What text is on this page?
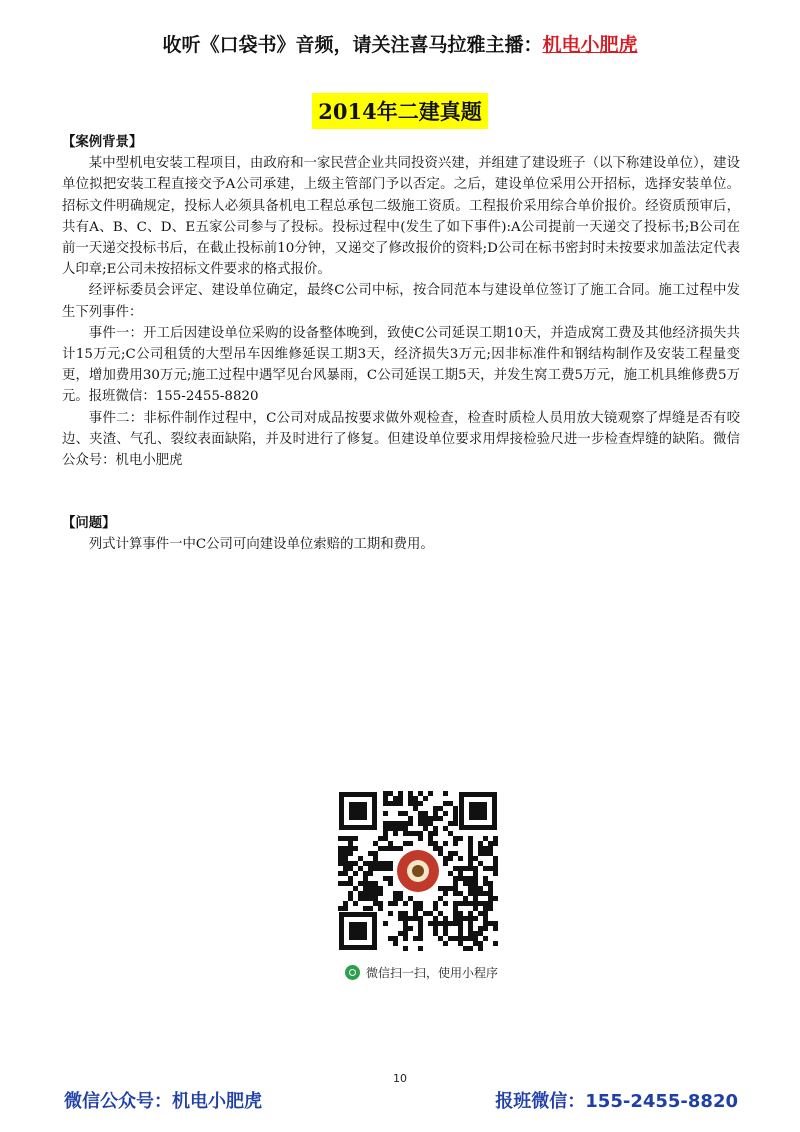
收听《口袋书》音频，请关注喜马拉雅主播：机电小肥虎
2014年二建真题

【案例背景】

某中型机电安装工程项目，由政府和一家民营企业共同投资兴建，并组建了建设班子（以下称建设单位），建设单位拟把安装工程直接交予A公司承建，上级主管部门予以否定。之后，建设单位采用公开招标，选择安装单位。招标文件明确规定，投标人必须具备机电工程总承包二级施工资质。工程报价采用综合单价报价。经资质预审后，共有A、B、C、D、E五家公司参与了投标。投标过程中(发生了如下事件):A公司提前一天递交了投标书;B公司在前一天递交投标书后，在截止投标前10分钟，又递交了修改报价的资料;D公司在标书密封时未按要求加盖法定代表人印章;E公司未按招标文件要求的格式报价。

经评标委员会评定、建设单位确定，最终C公司中标，按合同范本与建设单位签订了施工合同。施工过程中发生下列事件：

事件一：开工后因建设单位采购的设备整体晚到，致使C公司延误工期10天，并造成窝工费及其他经济损失共计15万元;C公司租赁的大型吊车因维修延误工期3天，经济损失3万元;因非标准件和钢结构制作及安装工程量变更，增加费用30万元;施工过程中遇罕见台风暴雨，C公司延误工期5天，并发生窝工费5万元，施工机具维修费5万元。报班微信：155-2455-8820

事件二：非标件制作过程中，C公司对成品按要求做外观检查，检查时质检人员用放大镜观察了焊缝是否有咬边、夹渣、气孔、裂纹表面缺陷，并及时进行了修复。但建设单位要求用焊接检验尺进一步检查焊缝的缺陷。微信公众号：机电小肥虎

【问题】

列式计算事件一中C公司可向建设单位索赔的工期和费用。

微信扫一扫，使用小程序
10
微信公众号：机电小肥虎	报班微信：155-2455-8820
